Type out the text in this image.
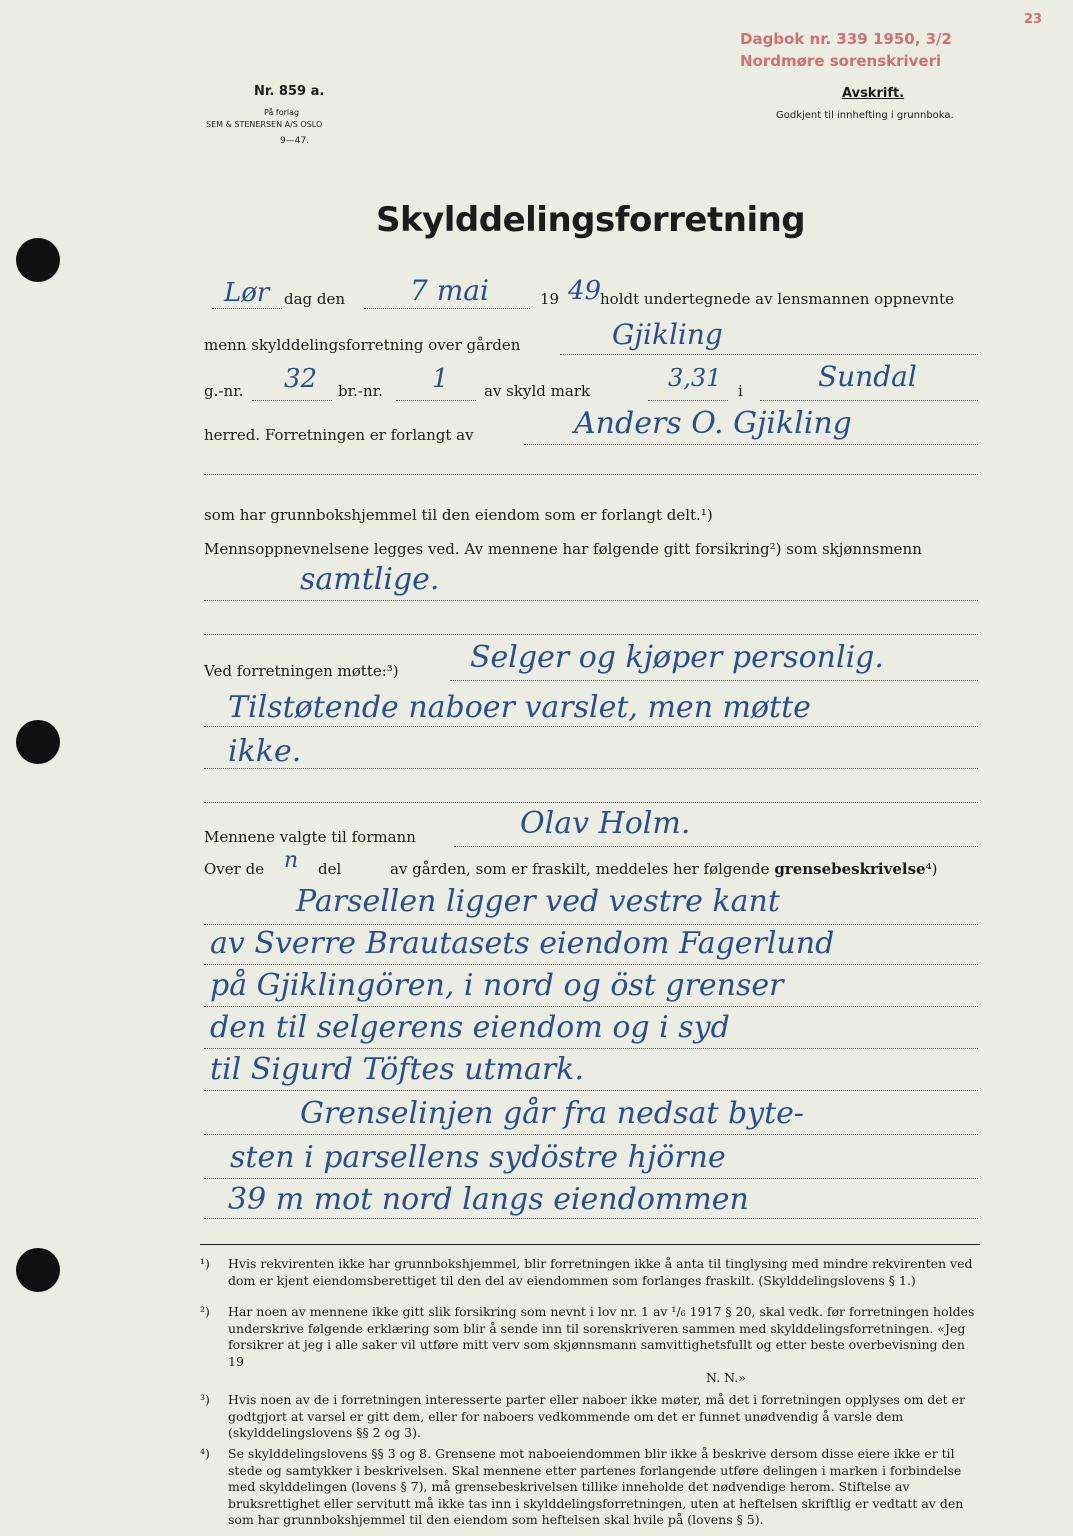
Dagbok nr. 339 1950, 3/2
Nordmøre sorenskriveri
23
Nr. 859 a.
På forlag
SEM & STENERSEN A/S OSLO
9—47.
Avskrift.
Godkjent til innhefting i grunnboka.
Skylddelingsforretning
Lør dag den 7 mai	19 49
holdt undertegnede av lensmannen oppnevnte
menn skylddelingsforretning over gården	Gjikling
g.-nr. 32 br.-nr. 1 av skyld mark	3,31 i	Sundal
herred. Forretningen er forlangt av	Anders O. Gjikling
som har grunnbokshjemmel til den eiendom som er forlangt delt.¹)
Mennsoppnevnelsene legges ved. Av mennene har følgende gitt forsikring²) som skjønnsmenn
samtlige.
Ved forretningen møtte:³) Selger og kjøper personlig.
Tilstøtende naboer varslet, men møtte
ikke.
Mennene valgte til formann	Olav Holm.
Over de n del	av gården, som er fraskilt, meddeles her følgende grensebeskrivelse⁴)
Parsellen ligger ved vestre kant
av Sverre Brautasets eiendom Fagerlund
på Gjiklingören, i nord og öst grenser
den til selgerens eiendom og i syd
til Sigurd Töftes utmark.
Grenselinjen går fra nedsat byte-
sten i parsellens sydöstre hjörne
39 m mot nord langs eiendommen
¹) Hvis rekvirenten ikke har grunnbokshjemmel, blir forretningen ikke å anta til tinglysing med mindre rekvirenten ved dom er kjent eiendomsberettiget til den del av eiendommen som forlanges fraskilt. (Skylddelingslovens § 1.)
²) Har noen av mennene ikke gitt slik forsikring som nevnt i lov nr. 1 av ¹/₆ 1917 § 20, skal vedk. før forretningen holdes underskrive følgende erklæring som blir å sende inn til sorenskriveren sammen med skylddelingsforretningen. «Jeg forsikrer at jeg i alle saker vil utføre mitt verv som skjønnsmann samvittighetsfullt og etter beste overbevisning den 19
N. N.»
³) Hvis noen av de i forretningen interesserte parter eller naboer ikke møter, må det i forretningen opplyses om det er godtgjort at varsel er gitt dem, eller for naboers vedkommende om det er funnet unødvendig å varsle dem (skylddelingslovens §§ 2 og 3).
⁴) Se skylddelingslovens §§ 3 og 8. Grensene mot naboeiendommen blir ikke å beskrive dersom disse eiere ikke er til stede og samtykker i beskrivelsen. Skal mennene etter partenes forlangende utføre delingen i marken i forbindelse med skylddelingen (lovens § 7), må grensebeskrivelsen tillike inneholde det nødvendige herom. Stiftelse av bruksrettighet eller servitutt må ikke tas inn i skylddelingsforretningen, uten at heftelsen skriftlig er vedtatt av den som har grunnbokshjemmel til den eiendom som heftelsen skal hvile på (lovens § 5).
